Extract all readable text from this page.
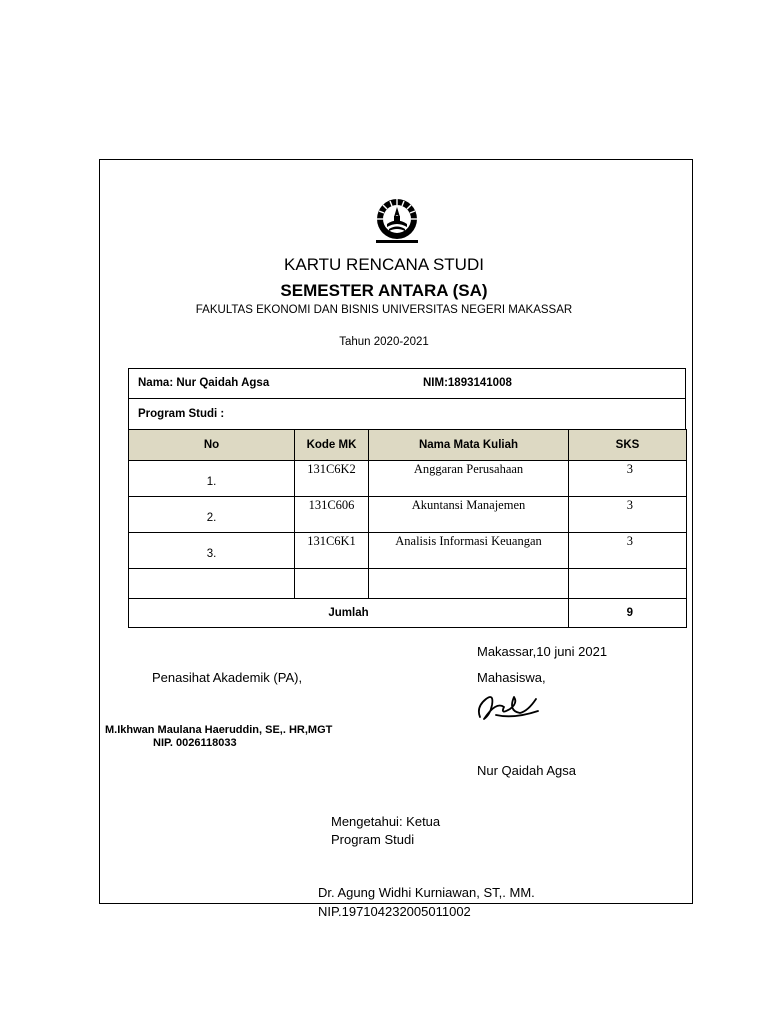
KARTU RENCANA STUDI
SEMESTER ANTARA (SA)
FAKULTAS EKONOMI DAN BISNIS UNIVERSITAS NEGERI MAKASSAR
Tahun 2020-2021
Nama: Nur Qaidah Agsa	NIM:1893141008
Program Studi :
No	Kode MK	Nama Mata Kuliah	SKS
1.	131C6K2	Anggaran Perusahaan	3
2.	131C606	Akuntansi Manajemen	3
3.	131C6K1	Analisis Informasi Keuangan	3

Jumlah			9
Makassar,10 juni 2021
Penasihat Akademik (PA),	Mahasiswa,
M.Ikhwan Maulana Haeruddin, SE,. HR,MGT
NIP. 0026118033
Nur Qaidah Agsa
Mengetahui: Ketua
Program Studi
Dr. Agung Widhi Kurniawan, ST,. MM.
NIP.197104232005011002
